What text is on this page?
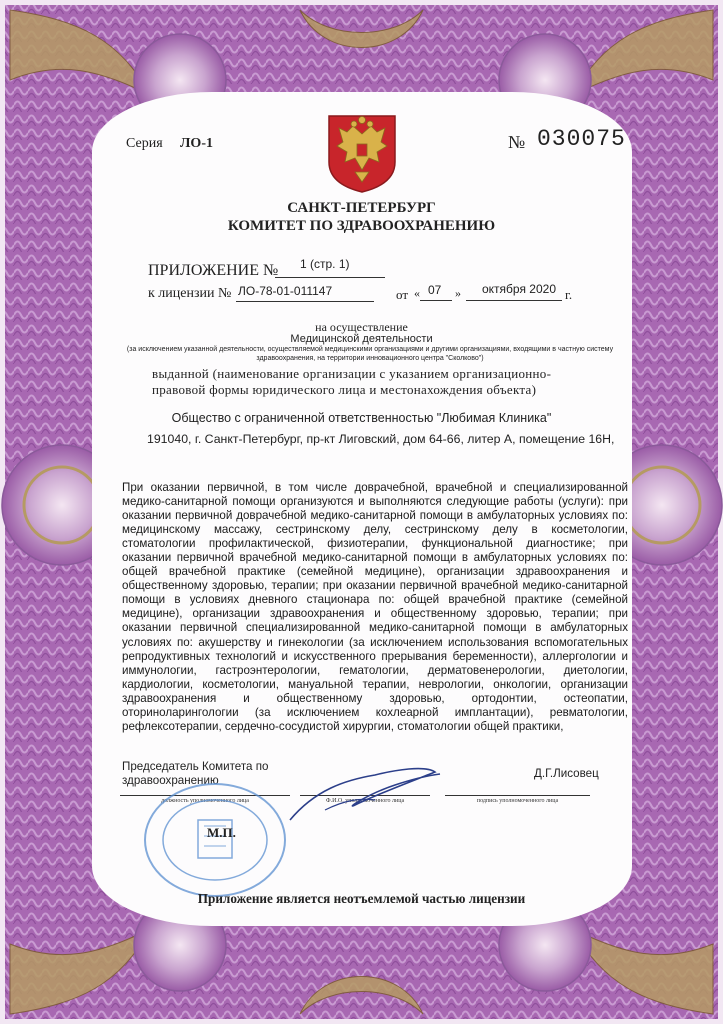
Серия ЛО-1	№ 030075
САНКТ-ПЕТЕРБУРГ
КОМИТЕТ ПО ЗДРАВООХРАНЕНИЮ
ПРИЛОЖЕНИЕ № 1 (стр. 1)
к лицензии № ЛО-78-01-011147	от « 07 » октября 2020 г.
на осуществление
Медицинской деятельности
(за исключением указанной деятельности, осуществляемой медицинскими организациями и другими организациями, входящими в частную систему здравоохранения, на территории инновационного центра "Сколково")
выданной (наименование организации с указанием организационно-правовой формы юридического лица и местонахождения объекта)
Общество с ограниченной ответственностью "Любимая Клиника"
191040, г. Санкт-Петербург, пр-кт Лиговский, дом 64-66, литер А, помещение 16Н,

При оказании первичной, в том числе доврачебной, врачебной и специализированной медико-санитарной помощи организуются и выполняются следующие работы (услуги): при оказании первичной доврачебной медико-санитарной помощи в амбулаторных условиях по: медицинскому массажу, сестринскому делу, сестринскому делу в косметологии, стоматологии профилактической, физиотерапии, функциональной диагностике; при оказании первичной врачебной медико-санитарной помощи в амбулаторных условиях по: общей врачебной практике (семейной медицине), организации здравоохранения и общественному здоровью, терапии; при оказании первичной врачебной медико-санитарной помощи в условиях дневного стационара по: общей врачебной практике (семейной медицине), организации здравоохранения и общественному здоровью, терапии; при оказании первичной специализированной медико-санитарной помощи в амбулаторных условиях по: акушерству и гинекологии (за исключением использования вспомогательных репродуктивных технологий и искусственного прерывания беременности), аллергологии и иммунологии, гастроэнтерологии, гематологии, дерматовенерологии, диетологии, кардиологии, косметологии, мануальной терапии, неврологии, онкологии, организации здравоохранения и общественному здоровью, ортодонтии, остеопатии, оториноларингологии (за исключением кохлеарной имплантации), ревматологии, рефлексотерапии, сердечно-сосудистой хирургии, стоматологии общей практики,

Председатель Комитета по
здравоохранению
Д.Г.Лисовец
должность уполномоченного лица	Ф.И.О. уполномоченного лица	подпись уполномоченного лица
М.П.
Приложение является неотъемлемой частью лицензии
